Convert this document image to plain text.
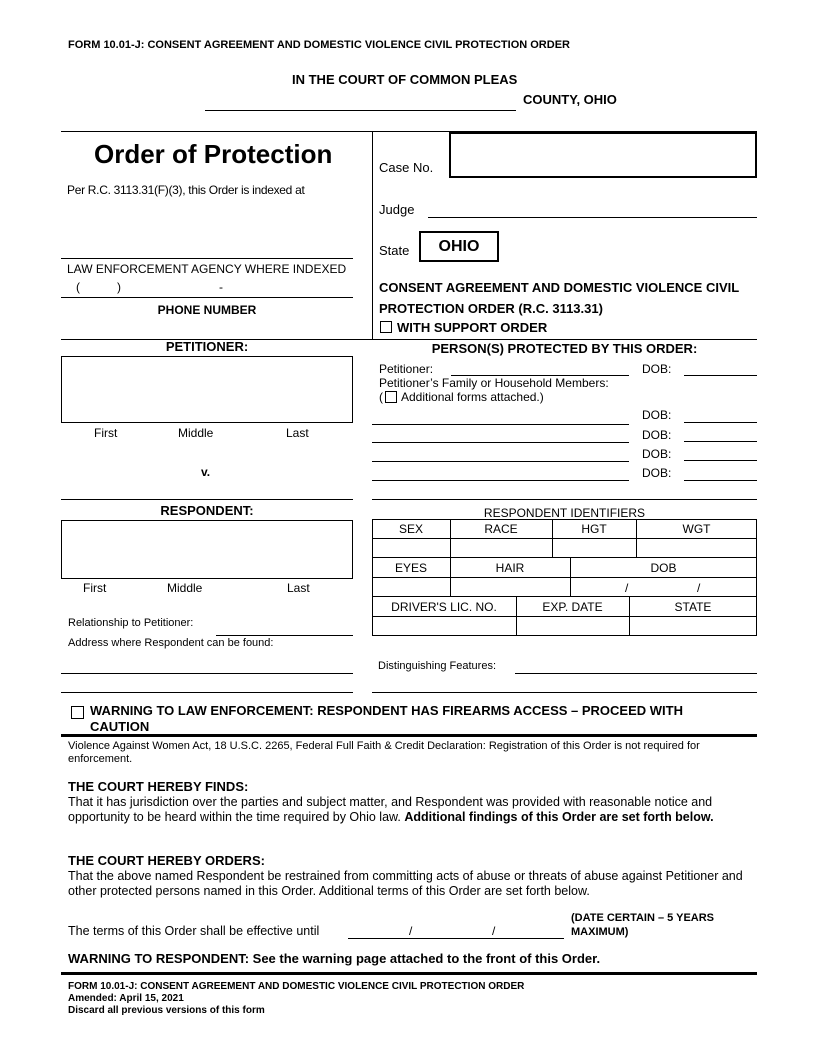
FORM 10.01-J: CONSENT AGREEMENT AND DOMESTIC VIOLENCE CIVIL PROTECTION ORDER
IN THE COURT OF COMMON PLEAS
COUNTY, OHIO
Order of Protection
Per R.C. 3113.31(F)(3), this Order is indexed at
LAW ENFORCEMENT AGENCY WHERE INDEXED
(	)	-
PHONE NUMBER
Case No.
Judge
State	OHIO
CONSENT AGREEMENT AND DOMESTIC VIOLENCE CIVIL
PROTECTION ORDER (R.C. 3113.31)
WITH SUPPORT ORDER
PETITIONER:
First	Middle	Last
v.
PERSON(S) PROTECTED BY THIS ORDER:
Petitioner:	DOB:
Petitioner’s Family or Household Members:
( Additional forms attached.)
DOB:
DOB:
DOB:
DOB:
RESPONDENT:
First	Middle	Last
Relationship to Petitioner:
Address where Respondent can be found:
RESPONDENT IDENTIFIERS
SEX	RACE	HGT	WGT
EYES	HAIR	DOB
/	/
DRIVER'S LIC. NO.	EXP. DATE	STATE
Distinguishing Features:
WARNING TO LAW ENFORCEMENT: RESPONDENT HAS FIREARMS ACCESS – PROCEED WITH CAUTION
Violence Against Women Act, 18 U.S.C. 2265, Federal Full Faith & Credit Declaration: Registration of this Order is not required for enforcement.
THE COURT HEREBY FINDS:
That it has jurisdiction over the parties and subject matter, and Respondent was provided with reasonable notice and opportunity to be heard within the time required by Ohio law. Additional findings of this Order are set forth below.
THE COURT HEREBY ORDERS:
That the above named Respondent be restrained from committing acts of abuse or threats of abuse against Petitioner and other protected persons named in this Order. Additional terms of this Order are set forth below.
The terms of this Order shall be effective until	/	/
(DATE CERTAIN – 5 YEARS MAXIMUM)
WARNING TO RESPONDENT: See the warning page attached to the front of this Order.
FORM 10.01-J: CONSENT AGREEMENT AND DOMESTIC VIOLENCE CIVIL PROTECTION ORDER
Amended: April 15, 2021
Discard all previous versions of this form
